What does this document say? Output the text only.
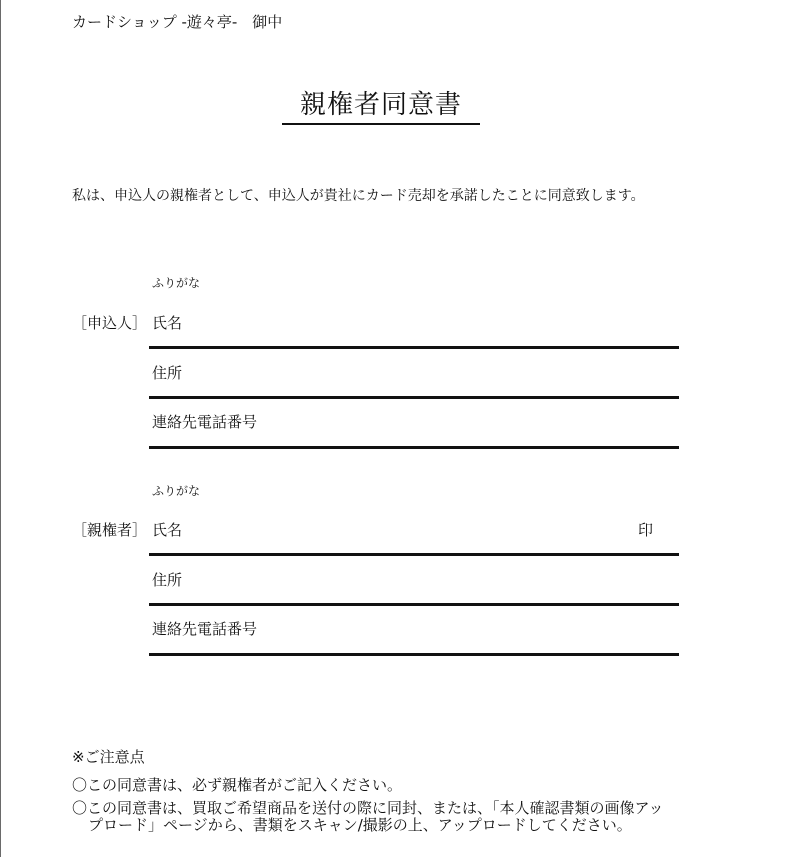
カードショップ -遊々亭-　御中
親権者同意書
私は、申込人の親権者として、申込人が貴社にカード売却を承諾したことに同意致します。
ふりがな
［申込人］ 氏名
住所
連絡先電話番号
ふりがな
［親権者］ 氏名	印
住所
連絡先電話番号
※ご注意点
〇この同意書は、必ず親権者がご記入ください。
〇この同意書は、買取ご希望商品を送付の際に同封、または、「本人確認書類の画像アップロード」ページから、書類をスキャン/撮影の上、アップロードしてください。
